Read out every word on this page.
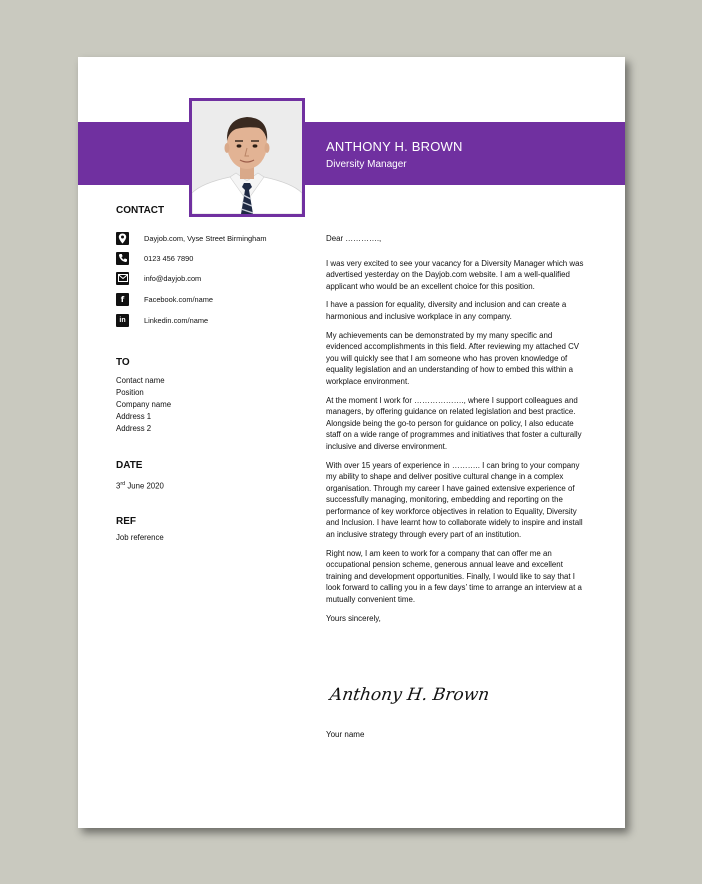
ANTHONY H. BROWN
Diversity Manager
CONTACT
Dayjob.com, Vyse Street Birmingham
0123 456 7890
info@dayjob.com
f	Facebook.com/name
in	Linkedin.com/name
TO
Contact name
Position
Company name
Address 1
Address 2
DATE
3rd June 2020
REF
Job reference

Dear ………….,

I was very excited to see your vacancy for a Diversity Manager which was advertised yesterday on the Dayjob.com website. I am a well-qualified applicant who would be an excellent choice for this position.

I have a passion for equality, diversity and inclusion and can create a harmonious and inclusive workplace in any company.

My achievements can be demonstrated by my many specific and evidenced accomplishments in this field. After reviewing my attached CV you will quickly see that I am someone who has proven knowledge of equality legislation and an understanding of how to embed this within a workplace environment.

At the moment I work for ………………., where I support colleagues and managers, by offering guidance on related legislation and best practice. Alongside being the go-to person for guidance on policy, I also educate staff on a wide range of programmes and initiatives that foster a culturally inclusive and diverse environment.

With over 15 years of experience in ……….. I can bring to your company my ability to shape and deliver positive cultural change in a complex organisation. Through my career I have gained extensive experience of successfully managing, monitoring, embedding and reporting on the performance of key workforce objectives in relation to Equality, Diversity and Inclusion. I have learnt how to collaborate widely to inspire and install an inclusive strategy through every part of an institution.

Right now, I am keen to work for a company that can offer me an occupational pension scheme, generous annual leave and excellent training and development opportunities. Finally, I would like to say that I look forward to calling you in a few days’ time to arrange an interview at a mutually convenient time.

Yours sincerely,

Anthony H. Brown
Your name
